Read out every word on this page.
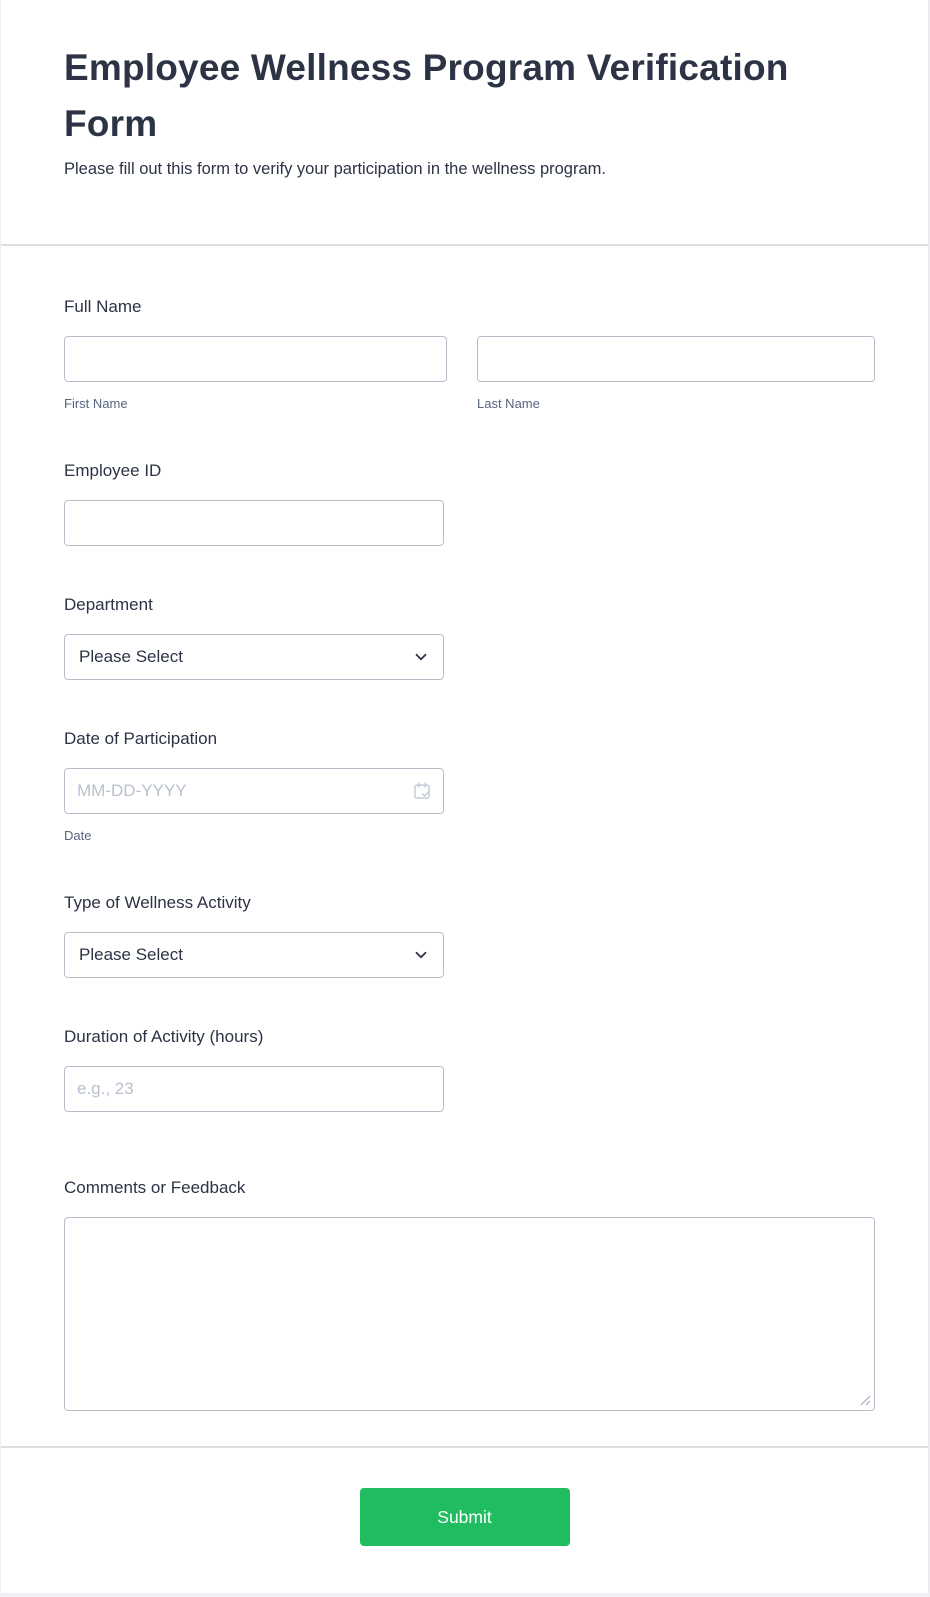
Employee Wellness Program Verification Form

Please fill out this form to verify your participation in the wellness program.

Full Name
First Name	Last Name
Employee ID
Department
Please Select
Date of Participation
MM-DD-YYYY
Date
Type of Wellness Activity
Please Select
Duration of Activity (hours)
e.g., 23
Comments or Feedback
Submit
